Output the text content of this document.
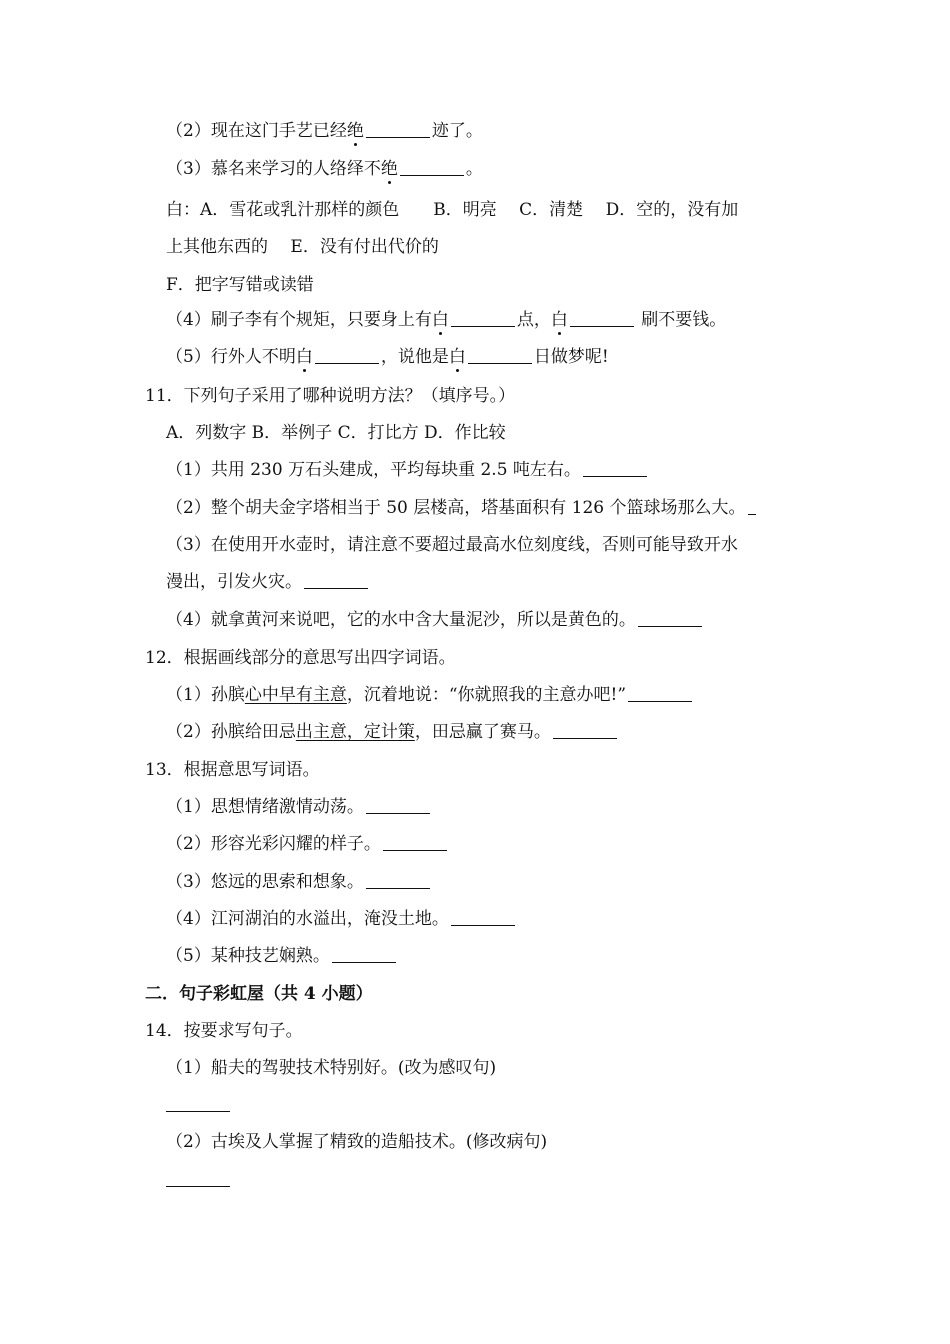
（2）现在这门手艺已经绝	迹了。
（3）慕名来学习的人络绎不绝	。
白：A．雪花或乳汁那样的颜色　　B．明亮　 C．清楚　 D．空的，没有加
上其他东西的　 E．没有付出代价的
F．把字写错或读错
（4）刷子李有个规矩，只要身上有白	点，白	刷不要钱。
（5）行外人不明白	，说他是白	日做梦呢!
11．下列句子采用了哪种说明方法？（填序号。）
A．列数字 B．举例子 C．打比方 D．作比较
（1）共用 230 万石头建成，平均每块重 2.5 吨左右。
（2）整个胡夫金字塔相当于 50 层楼高，塔基面积有 126 个篮球场那么大。
（3）在使用开水壶时，请注意不要超过最高水位刻度线，否则可能导致开水
漫出，引发火灾。
（4）就拿黄河来说吧，它的水中含大量泥沙，所以是黄色的。
12．根据画线部分的意思写出四字词语。
（1）孙膑心中早有主意，沉着地说：“你就照我的主意办吧!”
（2）孙膑给田忌出主意，定计策，田忌赢了赛马。
13．根据意思写词语。
（1）思想情绪激情动荡。
（2）形容光彩闪耀的样子。
（3）悠远的思索和想象。
（4）江河湖泊的水溢出，淹没土地。
（5）某种技艺娴熟。
二．句子彩虹屋（共 4 小题）
14．按要求写句子。
（1）船夫的驾驶技术特别好。(改为感叹句)
（2）古埃及人掌握了精致的造船技术。(修改病句)
